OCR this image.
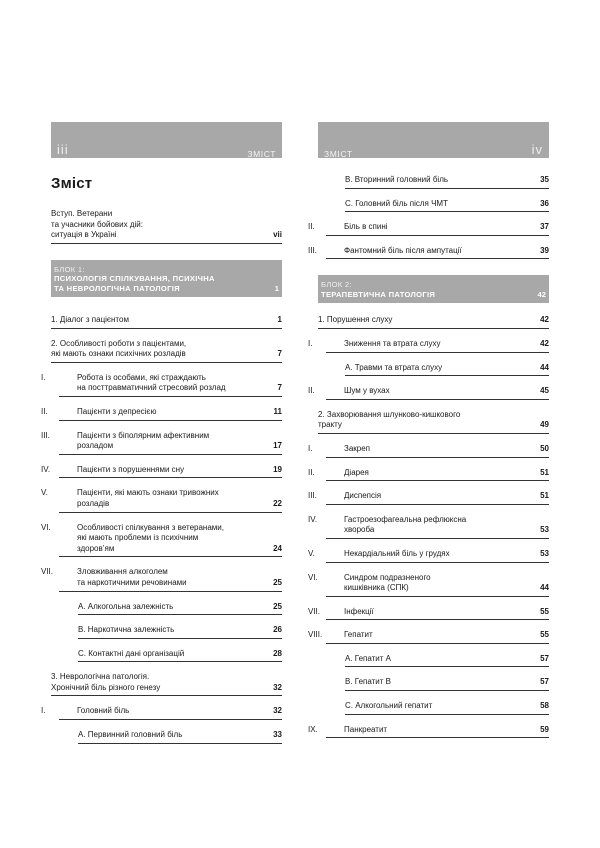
iii	ЗМІСТ
Зміст
Вступ. Ветерани
та учасники бойових дій:
ситуація в Україні	vii
БЛОК 1:
ПСИХОЛОГІЯ СПІЛКУВАННЯ, ПСИХІЧНА
ТА НЕВРОЛОГІЧНА ПАТОЛОГІЯ	1
1. Діалог з пацієнтом	1
2. Особливості роботи з пацієнтами,
які мають ознаки психічних розладів	7
I.	Робота із особами, які страждають
на посттравматичний стресовий розлад	7
II.	Пацієнти з депресією	11
III.	Пацієнти з біполярним афективним
розладом	17
IV.	Пацієнти з порушеннями сну	19
V.	Пацієнти, які мають ознаки тривожних
розладів	22
VI.	Особливості спілкування з ветеранами,
які мають проблеми із психічним
здоров’ям	24
VII.	Зловживання алкоголем
та наркотичними речовинами	25
A. Алкогольна залежність	25
B. Наркотична залежність	26
C. Контактні дані організацій	28
3. Неврологічна патологія.
Хронічний біль різного генезу	32
I.	Головний біль	32
A. Первинний головний біль	33
ЗМІСТ	iv
B. Вторинний головний біль	35
C. Головний біль після ЧМТ	36
II.	Біль в спині	37
III.	Фантомний біль після ампутації	39
БЛОК 2:
ТЕРАПЕВТИЧНА ПАТОЛОГІЯ	42
1. Порушення слуху	42
I.	Зниження та втрата слуху	42
A. Травми та втрата слуху	44
II.	Шум у вухах	45
2. Захворювання шлунково-кишкового
тракту	49
I.	Закреп	50
II.	Діарея	51
III.	Диспепсія	51
IV.	Гастроезофагеальна рефлюксна
хвороба	53
V.	Некардіальний біль у грудях	53
VI.	Синдром подразненого
кишківника (СПК)	44
VII.	Інфекції	55
VIII.	Гепатит	55
A. Гепатит A	57
B. Гепатит B	57
C. Алкогольний гепатит	58
IX.	Панкреатит	59
